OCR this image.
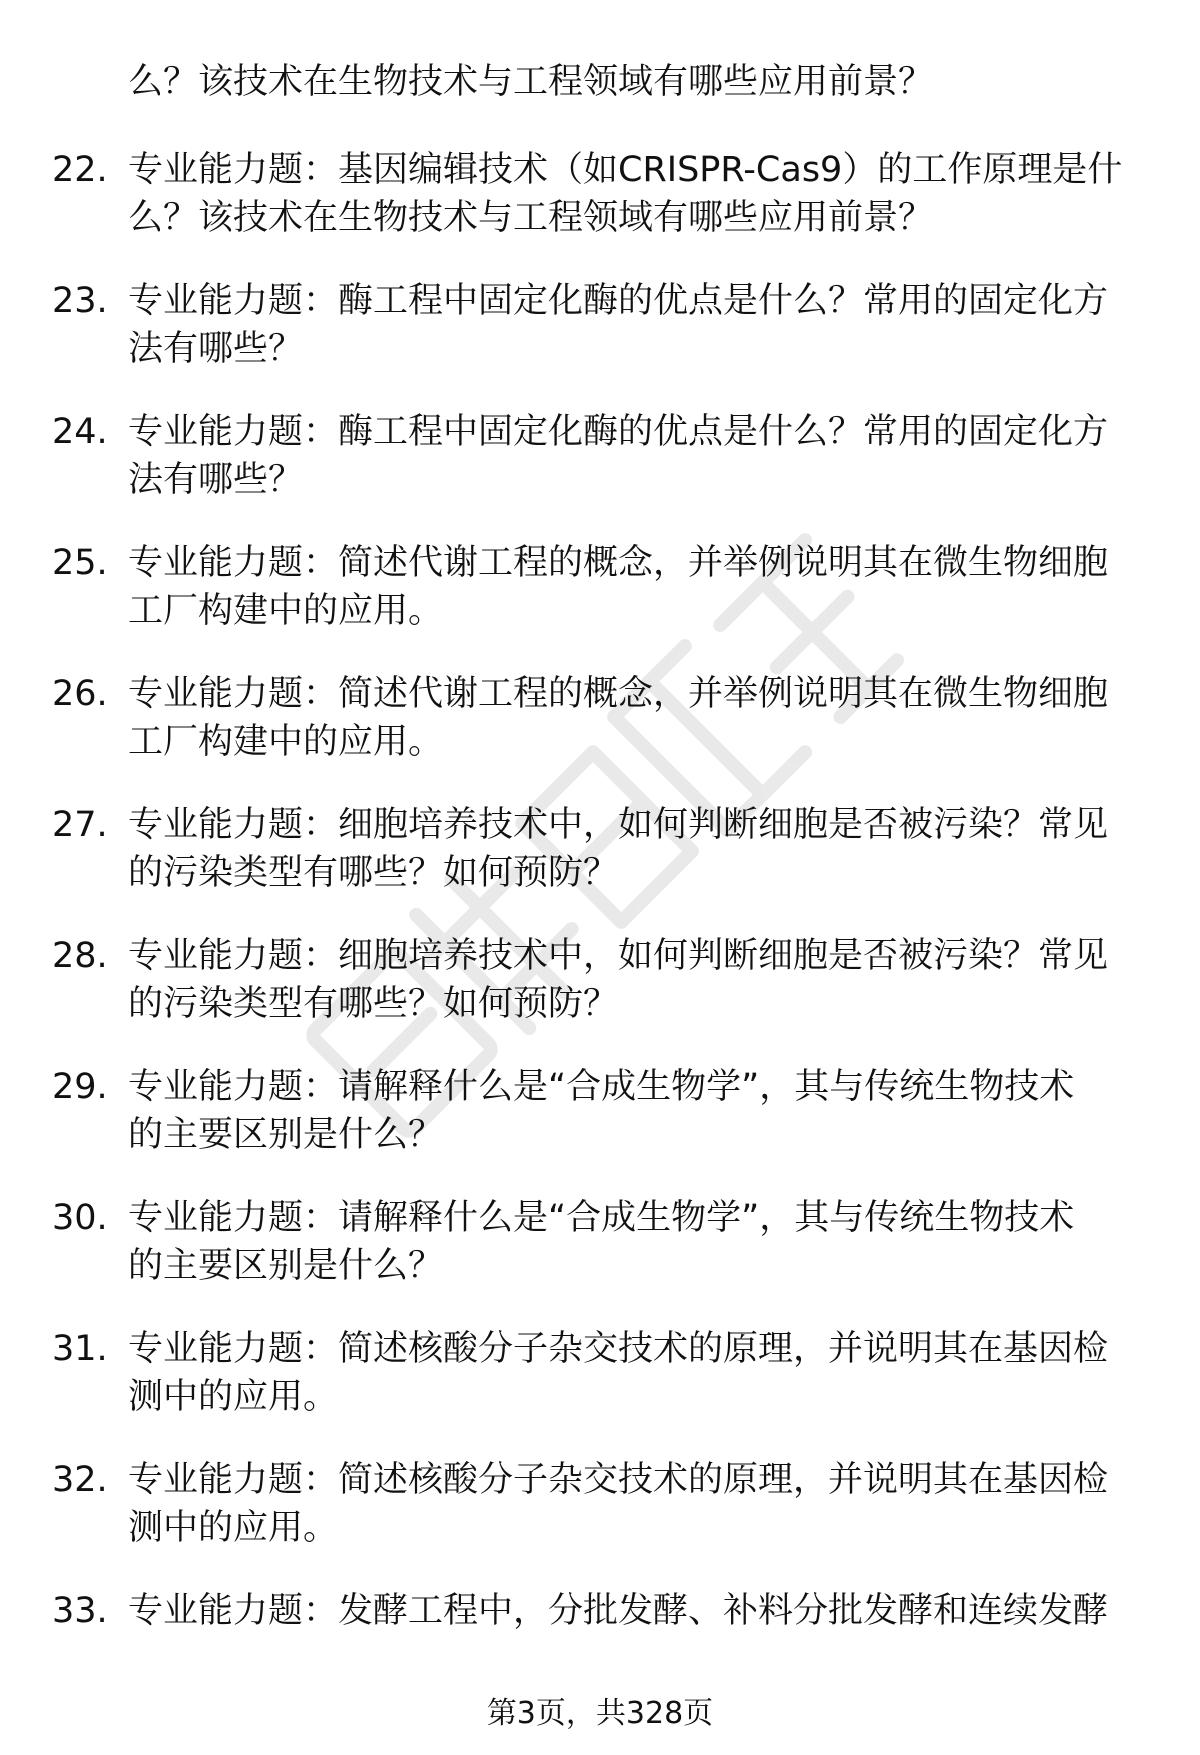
么？该技术在生物技术与工程领域有哪些应用前景？
22. 专业能力题：基因编辑技术（如CRISPR-Cas9）的工作原理是什
么？该技术在生物技术与工程领域有哪些应用前景？
23. 专业能力题：酶工程中固定化酶的优点是什么？常用的固定化方
法有哪些？
24. 专业能力题：酶工程中固定化酶的优点是什么？常用的固定化方
法有哪些？
25. 专业能力题：简述代谢工程的概念，并举例说明其在微生物细胞
工厂构建中的应用。
26. 专业能力题：简述代谢工程的概念，并举例说明其在微生物细胞
工厂构建中的应用。
27. 专业能力题：细胞培养技术中，如何判断细胞是否被污染？常见
的污染类型有哪些？如何预防？
28. 专业能力题：细胞培养技术中，如何判断细胞是否被污染？常见
的污染类型有哪些？如何预防？
29. 专业能力题：请解释什么是“合成生物学”，其与传统生物技术
的主要区别是什么？
30. 专业能力题：请解释什么是“合成生物学”，其与传统生物技术
的主要区别是什么？
31. 专业能力题：简述核酸分子杂交技术的原理，并说明其在基因检
测中的应用。
32. 专业能力题：简述核酸分子杂交技术的原理，并说明其在基因检
测中的应用。
33. 专业能力题：发酵工程中，分批发酵、补料分批发酵和连续发酵
第3页，共328页
